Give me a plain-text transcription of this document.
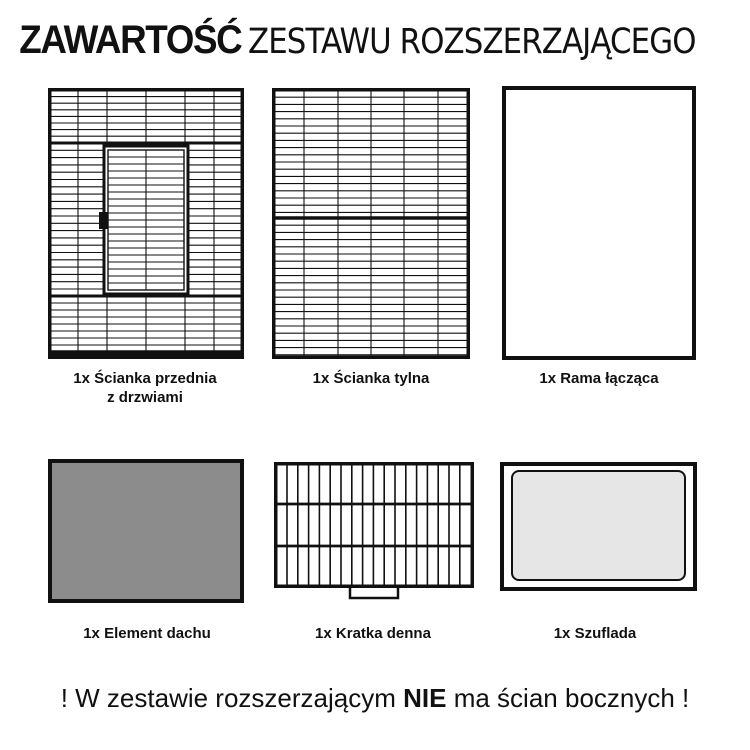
ZAWARTOŚĆ ZESTAWU ROZSZERZAJĄCEGO
1x Ścianka przednia
z drzwiami
1x Ścianka tylna	1x Rama łącząca
1x Element dachu	1x Kratka denna	1x Szuflada
! W zestawie rozszerzającym NIE ma ścian bocznych !
